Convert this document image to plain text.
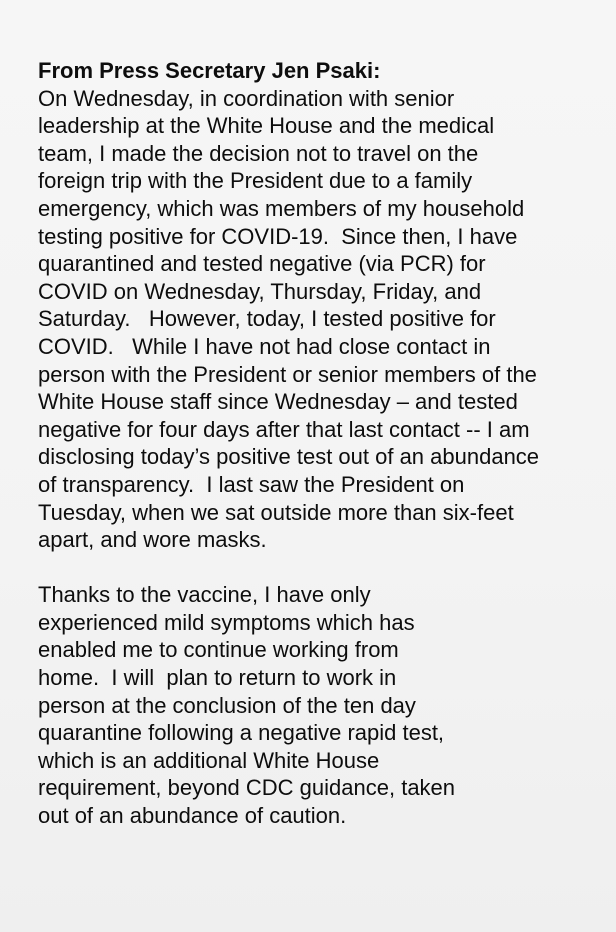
From Press Secretary Jen Psaki:
On Wednesday, in coordination with senior
leadership at the White House and the medical
team, I made the decision not to travel on the
foreign trip with the President due to a family
emergency, which was members of my household
testing positive for COVID-19.  Since then, I have
quarantined and tested negative (via PCR) for
COVID on Wednesday, Thursday, Friday, and
Saturday.   However, today, I tested positive for
COVID.   While I have not had close contact in
person with the President or senior members of the
White House staff since Wednesday – and tested
negative for four days after that last contact -- I am
disclosing today’s positive test out of an abundance
of transparency.  I last saw the President on
Tuesday, when we sat outside more than six-feet
apart, and wore masks.
Thanks to the vaccine, I have only
experienced mild symptoms which has
enabled me to continue working from
home.  I will  plan to return to work in
person at the conclusion of the ten day
quarantine following a negative rapid test,
which is an additional White House
requirement, beyond CDC guidance, taken
out of an abundance of caution.
